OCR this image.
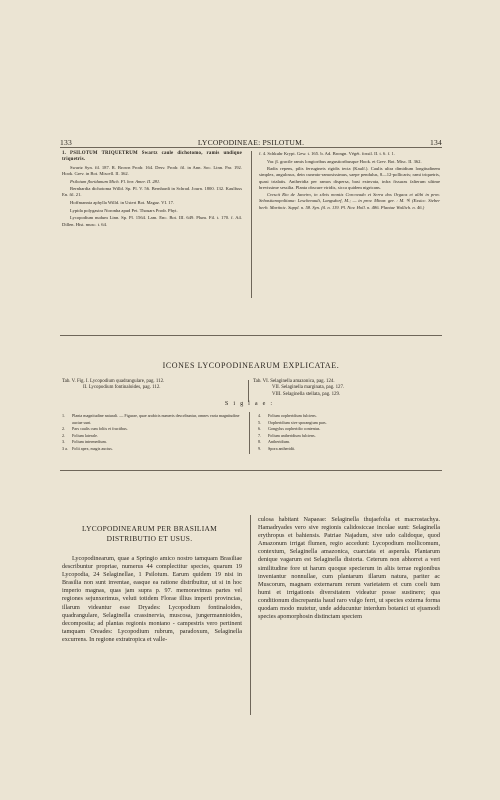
133	LYCOPODINEAE: PSILOTUM.	134

1. PSILOTUM TRIQUETRUM Swartz caule dichotomo, ramis undique triquetris.

Swartz Syn. fil. 187. R. Brown Prodr. 164. Desv. Prodr. fil. in Ann. Soc. Linn. Par. 192. Hook. Grev. in Bot. Miscell. II. 362.

Psilotum floridanum Mich. Fl. bor. Amer. II. 281.

Bernhardia dichotoma Willd. Sp. Pl. V. 56. Bernhardi in Schrad. Journ. 1800. 132. Kaulfuss En. fil. 21.

Hoffmannia aphylla Willd. in Usteri Bot. Magaz. VI. 17.

Lypida polygastra Noronha apud Pet. Thouars Prodr. Phyt.

Lycopodium nudum Linn. Sp. Pl. 1564. Lam. Enc. Bot. III. 649. Plum. Fil. t. 170. f. A4. Dillen. Hist. musc. t. 64.

f. 4. Schkuhr Krypt. Gew. t. 165. b. Ad. Brongn. Végét. fossil. II. t. 6. f. 1.

Var. β. gracile ramis longioribus angustioribusque Hook. et Grev. Bot. Misc. II. 362.

Radix repens, pilis ferrugineis rigidis tecta (Kaulf.). Caulis ultra dimidium longitudinem simplex, angulosus, dein cuneato-ramosissimus, saepe pendulus, 8—12-pollicaris; rami triquetris, quasi trialatis. Antheridia per ramos dispersa, basi exinvata, infra fissuras falterum ultime brevissime sessilia. Planta obscure viridis, sicca quidem nigricans.

Crescit Rio de Janeiro, in silvis montis Corcovado et Serra dos Orgaos et alibi in prov. Sebastianopolitana: Leschenault, Langsdorf, M.; — in prov. Minar. ger. : M. ♃ (Exsicc. Sieber herb. Martinic. Suppl. n. 58. Syn. fil. n. 119. Pl. Nov. Holl. n. 486. Plantae Wallich. n. 46.)

ICONES LYCOPODINEARUM EXPLICATAE.
Tab. V. Fig. I. Lycopodium quadrangulare, pag. 112.
II. Lycopodium fontinaloides, pag. 112.
Tab. VI. Selaginella amazonica, pag. 124.
VII. Selaginella marginata, pag. 127.
VIII. Selaginella stellata, pag. 129.
Siglae:
1.	Planta magnitudine naturali. — Figurae, quae arabicis numeris describuntur, omnes varia magnitudine auctae sunt.
2.	Pars caulis cum foliis et fructibus.
2.	Folium laterale.
3.	Folium intermedium.
3 a. Folii apex, magis auctus.
4.	Folium oopheridium fulciens.
5.	Oopheridium sive sporangium pars.
6.	Gongylus oopheridio contentus.
7.	Folium antheridium fulciens.
8.	Antheridium.
9.	Spora antheridii.
LYCOPODINEARUM PER BRASILIAM
DISTRIBUTIO ET USUS.

Lycopodinearum, quae a Springio amico nostro tamquam Brasiliae describuntur propriae, numerus 44 complectitur species, quarum 19 Lycopodia, 24 Selaginellae, 1 Psilotum. Earum quidem 19 nisi in Brasilia non sunt inventae, easque ea ratione distribuitur, ut si in hoc imperio magnas, quas jam supra p. 97. memoravimus partes vel regiones sejunxerimus, veluti totidem Florae illius imperii provincias, illarum videantur esse Dryades: Lycopodium fontinaloides, quadrangulare, Selaginella crassinervia, muscosa, jungermannioides, decomposita; ad plantas regionis montano - campestris vero pertinent tamquam Oreades: Lycopodium rubrum, paradoxum, Selaginella excurrens. In regione extratropica et valle-

culosa habitant Napaeae: Selaginella thujaefolia et macrostachya. Hamadryades vero sive regionis calidosiccae incolae sunt: Selaginella erythropus et bahiensis. Patriae Najadum, sive udo calidoque, quod Amazonum irrigat flumen, regio accedunt: Lycopodium mollicomum, contextum, Selaginella amazonica, cuarctata et asperula. Plantarum denique vagarum est Selaginella distorta. Ceterum non abhorret a veri similitudine fore ut harum quoque specierum in aliis terrae regionibus inveniantur nonnullae, cum plantarum illarum natura, pariter ac Muscorum, magnam externarum rerum varietatem et cum coeli tum humi et irrigationis diversitatem videatur posse sustinere; qua conditionum discrepantia haud raro vulgo ferri, ut species externa forma quodam modo mutetur, unde adducuntur interdum botanici ut ejusmodi species apomorphosin distinctam speciem
